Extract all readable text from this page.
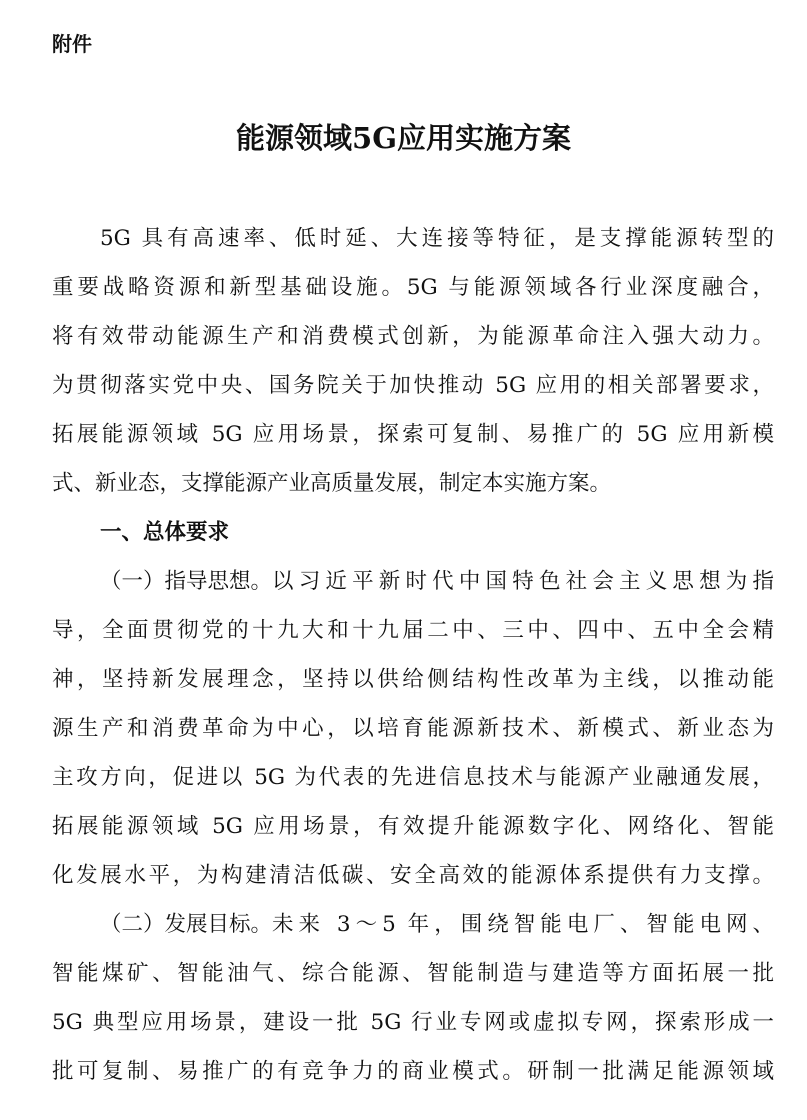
附件
能源领域5G应用实施方案
5G 具有高速率、低时延、大连接等特征，是支撑能源转型的
重要战略资源和新型基础设施。5G 与能源领域各行业深度融合，
将有效带动能源生产和消费模式创新，为能源革命注入强大动力。
为贯彻落实党中央、国务院关于加快推动 5G 应用的相关部署要求，
拓展能源领域 5G 应用场景，探索可复制、易推广的 5G 应用新模
式、新业态，支撑能源产业高质量发展，制定本实施方案。
一、总体要求
（一）指导思想。 以习近平新时代中国特色社会主义思想为指
导，全面贯彻党的十九大和十九届二中、三中、四中、五中全会精
神，坚持新发展理念，坚持以供给侧结构性改革为主线，以推动能
源生产和消费革命为中心，以培育能源新技术、新模式、新业态为
主攻方向，促进以 5G 为代表的先进信息技术与能源产业融通发展，
拓展能源领域 5G 应用场景，有效提升能源数字化、网络化、智能
化发展水平，为构建清洁低碳、安全高效的能源体系提供有力支撑。
（二）发展目标。 未来 3～5 年，围绕智能电厂、智能电网、
智能煤矿、智能油气、综合能源、智能制造与建造等方面拓展一批
5G 典型应用场景，建设一批 5G 行业专网或虚拟专网，探索形成一
批可复制、易推广的有竞争力的商业模式。研制一批满足能源领域
